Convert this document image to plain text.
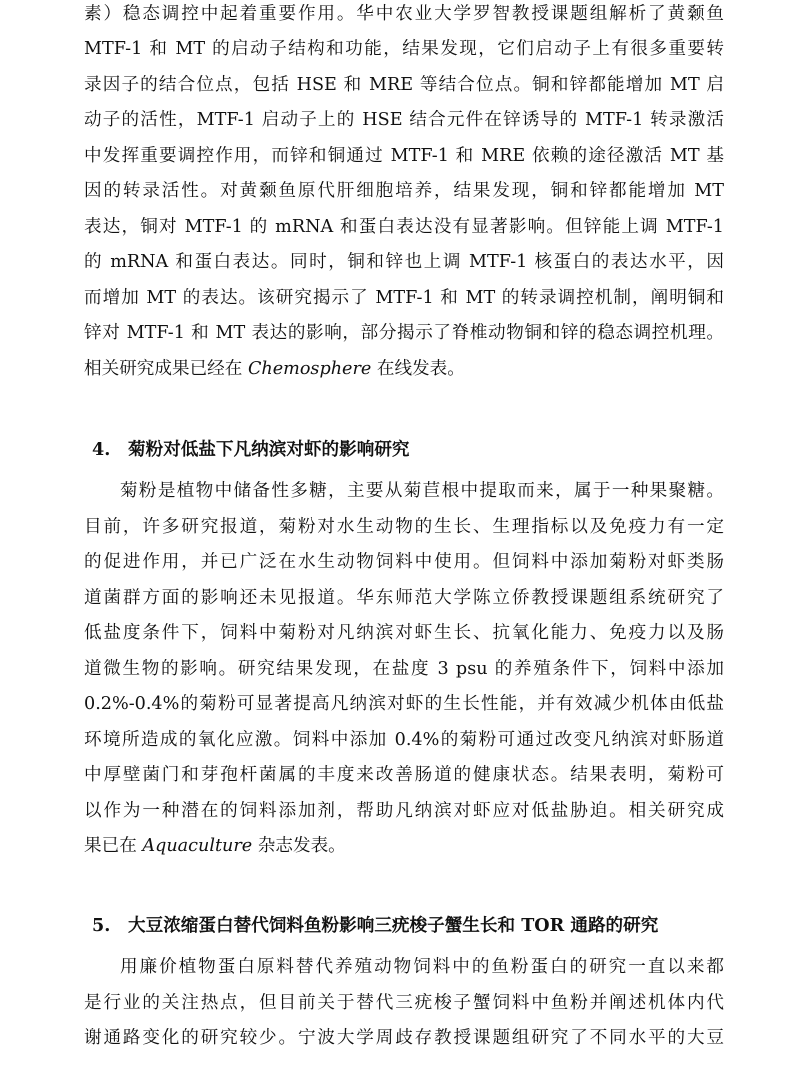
素）稳态调控中起着重要作用。华中农业大学罗智教授课题组解析了黄颡鱼
MTF-1 和 MT 的启动子结构和功能，结果发现，它们启动子上有很多重要转
录因子的结合位点，包括 HSE 和 MRE 等结合位点。铜和锌都能增加 MT 启
动子的活性，MTF-1 启动子上的 HSE 结合元件在锌诱导的 MTF-1 转录激活
中发挥重要调控作用，而锌和铜通过 MTF-1 和 MRE 依赖的途径激活 MT 基
因的转录活性。对黄颡鱼原代肝细胞培养，结果发现，铜和锌都能增加 MT
表达，铜对 MTF-1 的 mRNA 和蛋白表达没有显著影响。但锌能上调 MTF-1
的 mRNA 和蛋白表达。同时，铜和锌也上调 MTF-1 核蛋白的表达水平，因
而增加 MT 的表达。该研究揭示了 MTF-1 和 MT 的转录调控机制，阐明铜和
锌对 MTF-1 和 MT 表达的影响，部分揭示了脊椎动物铜和锌的稳态调控机理。
相关研究成果已经在 Chemosphere 在线发表。
4. 菊粉对低盐下凡纳滨对虾的影响研究
菊粉是植物中储备性多糖，主要从菊苣根中提取而来，属于一种果聚糖。
目前，许多研究报道，菊粉对水生动物的生长、生理指标以及免疫力有一定
的促进作用，并已广泛在水生动物饲料中使用。但饲料中添加菊粉对虾类肠
道菌群方面的影响还未见报道。华东师范大学陈立侨教授课题组系统研究了
低盐度条件下，饲料中菊粉对凡纳滨对虾生长、抗氧化能力、免疫力以及肠
道微生物的影响。研究结果发现，在盐度 3 psu 的养殖条件下，饲料中添加
0.2%-0.4%的菊粉可显著提高凡纳滨对虾的生长性能，并有效减少机体由低盐
环境所造成的氧化应激。饲料中添加 0.4%的菊粉可通过改变凡纳滨对虾肠道
中厚壁菌门和芽孢杆菌属的丰度来改善肠道的健康状态。结果表明，菊粉可
以作为一种潜在的饲料添加剂，帮助凡纳滨对虾应对低盐胁迫。相关研究成
果已在 Aquaculture 杂志发表。
5. 大豆浓缩蛋白替代饲料鱼粉影响三疣梭子蟹生长和 TOR 通路的研究
用廉价植物蛋白原料替代养殖动物饲料中的鱼粉蛋白的研究一直以来都
是行业的关注热点，但目前关于替代三疣梭子蟹饲料中鱼粉并阐述机体内代
谢通路变化的研究较少。宁波大学周歧存教授课题组研究了不同水平的大豆
